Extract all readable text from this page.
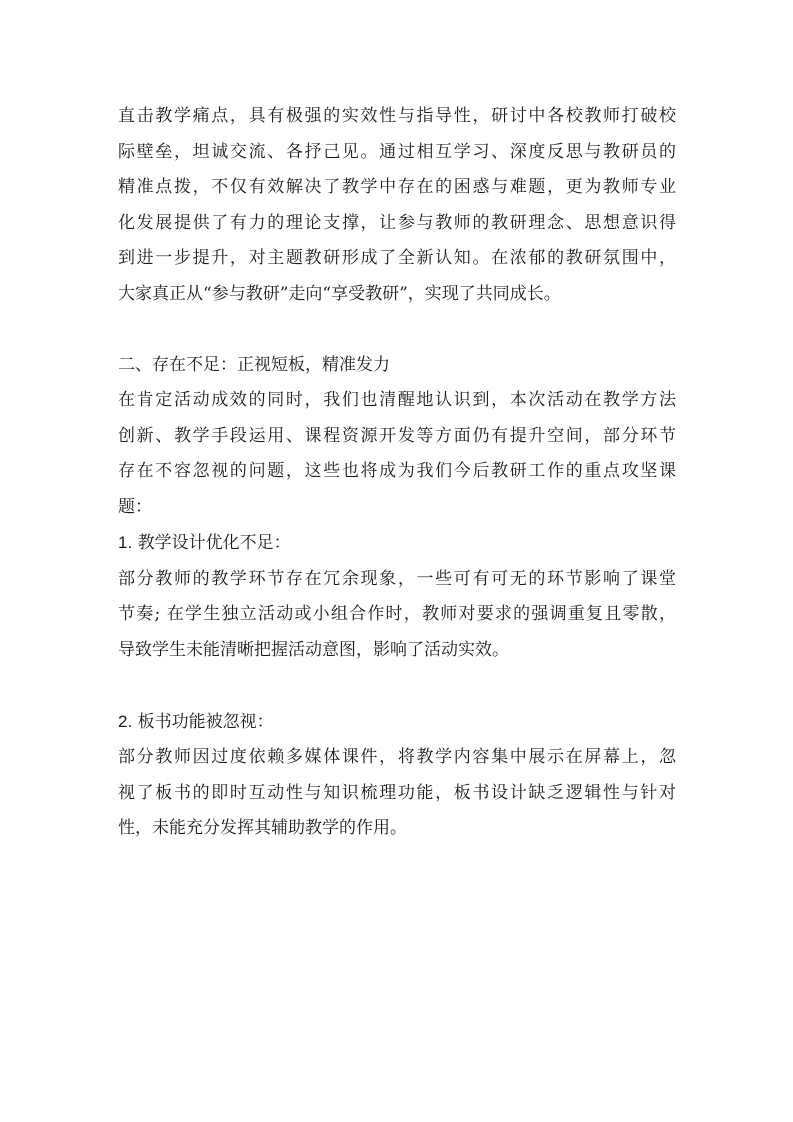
直击教学痛点，具有极强的实效性与指导性，研讨中各校教师打破校
际壁垒，坦诚交流、各抒己见。通过相互学习、深度反思与教研员的
精准点拨，不仅有效解决了教学中存在的困惑与难题，更为教师专业
化发展提供了有力的理论支撑，让参与教师的教研理念、思想意识得
到进一步提升，对主题教研形成了全新认知。在浓郁的教研氛围中，
大家真正从“参与教研”走向“享受教研”，实现了共同成长。

二、存在不足：正视短板，精准发力

在肯定活动成效的同时，我们也清醒地认识到，本次活动在教学方法
创新、教学手段运用、课程资源开发等方面仍有提升空间，部分环节
存在不容忽视的问题，这些也将成为我们今后教研工作的重点攻坚课
题：

1. 教学设计优化不足：

部分教师的教学环节存在冗余现象，一些可有可无的环节影响了课堂
节奏; 在学生独立活动或小组合作时，教师对要求的强调重复且零散，
导致学生未能清晰把握活动意图，影响了活动实效。

2. 板书功能被忽视：

部分教师因过度依赖多媒体课件，将教学内容集中展示在屏幕上，忽
视了板书的即时互动性与知识梳理功能，板书设计缺乏逻辑性与针对
性，未能充分发挥其辅助教学的作用。
